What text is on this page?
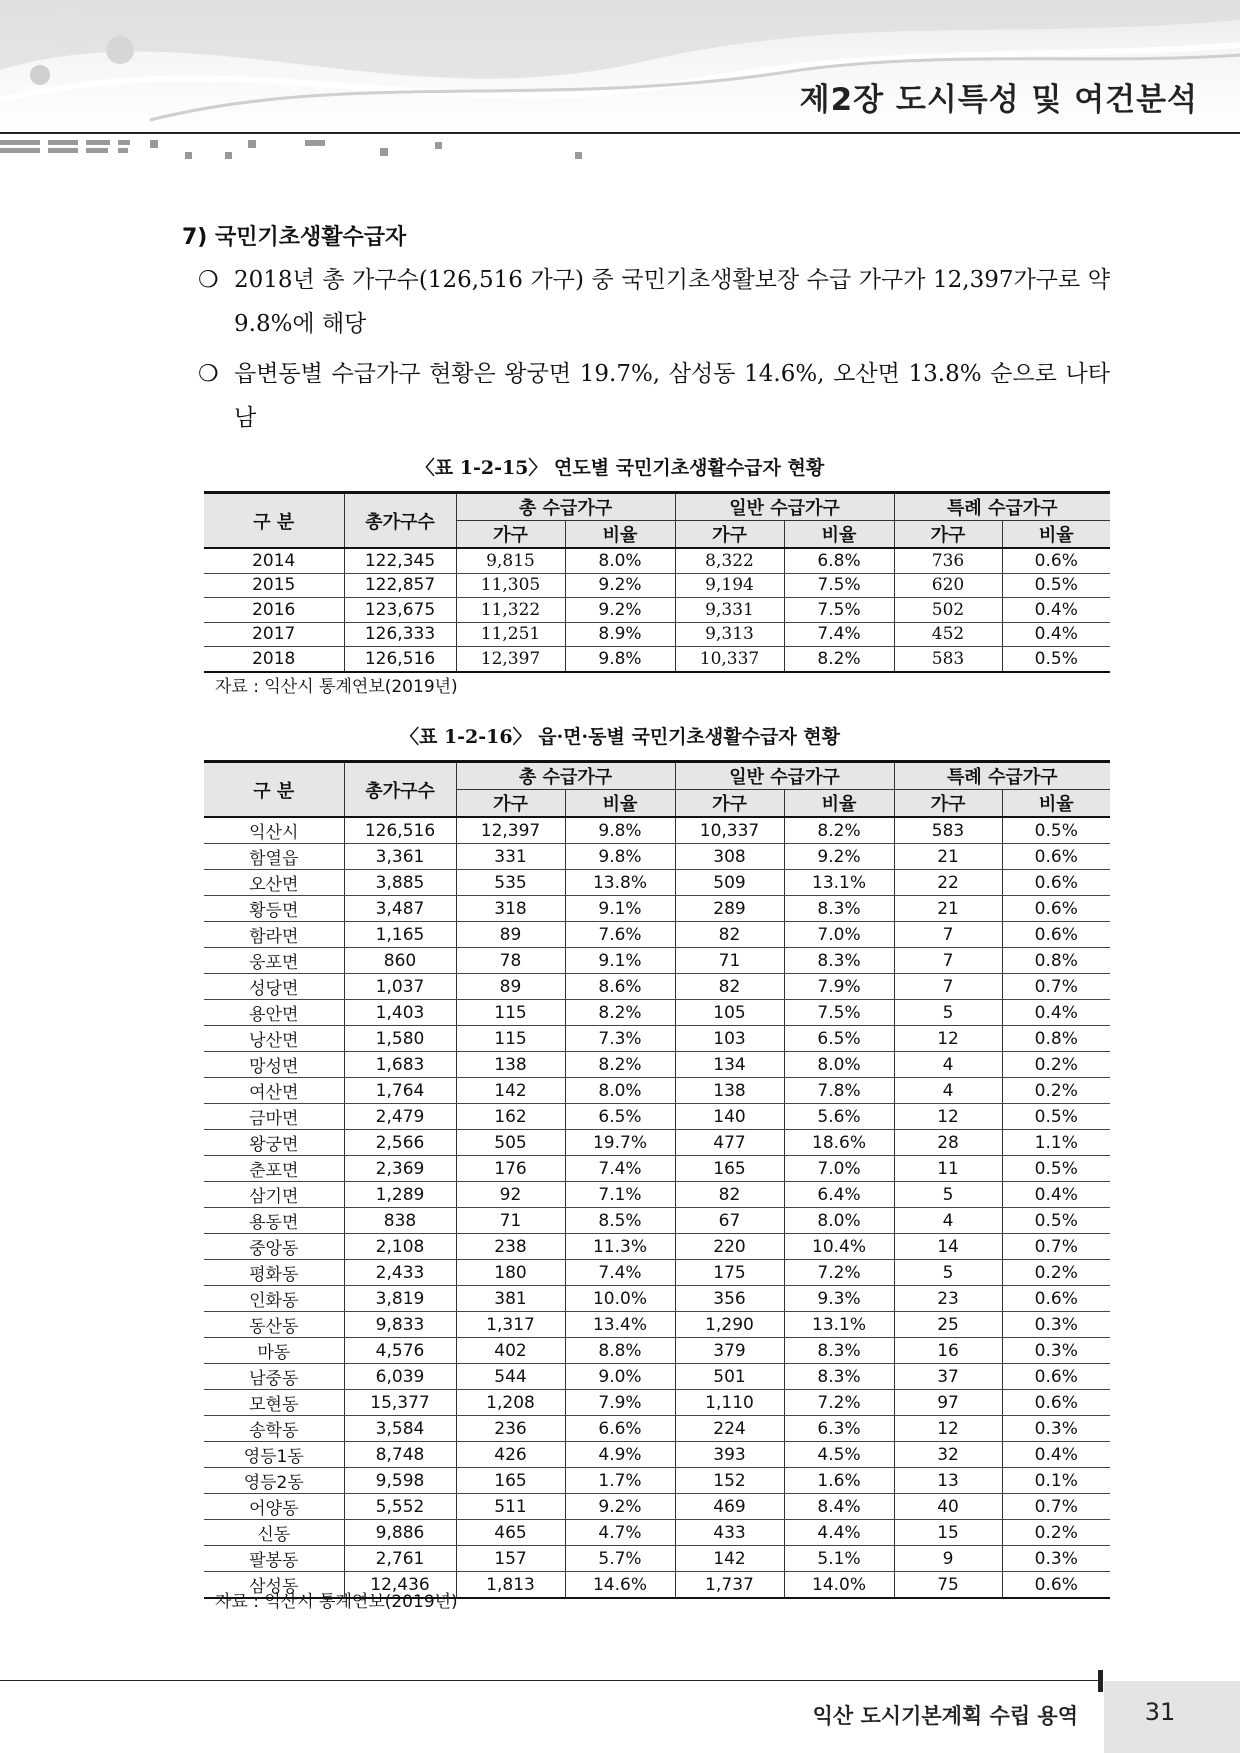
제2장 도시특성 및 여건분석
7) 국민기초생활수급자
❍ 2018년 총 가구수(126,516 가구) 중 국민기초생활보장 수급 가구가 12,397가구로 약 9.8%에 해당
❍ 읍변동별 수급가구 현황은 왕궁면 19.7%, 삼성동 14.6%, 오산면 13.8% 순으로 나타남
〈표 1-2-15〉 연도별 국민기초생활수급자 현황
구 분	총가구수	총 수급가구		일반 수급가구		특례 수급가구	
		가구	비율	가구	비율	가구	비율
2014	122,345	9,815	8.0%	8,322	6.8%	736	0.6%
2015	122,857	11,305	9.2%	9,194	7.5%	620	0.5%
2016	123,675	11,322	9.2%	9,331	7.5%	502	0.4%
2017	126,333	11,251	8.9%	9,313	7.4%	452	0.4%
2018	126,516	12,397	9.8%	10,337	8.2%	583	0.5%
자료 : 익산시 통계연보(2019년)
〈표 1-2-16〉 읍·면·동별 국민기초생활수급자 현황
구 분	총가구수	총 수급가구		일반 수급가구		특례 수급가구	
		가구	비율	가구	비율	가구	비율
익산시	126,516	12,397	9.8%	10,337	8.2%	583	0.5%
함열읍	3,361	331	9.8%	308	9.2%	21	0.6%
오산면	3,885	535	13.8%	509	13.1%	22	0.6%
황등면	3,487	318	9.1%	289	8.3%	21	0.6%
함라면	1,165	89	7.6%	82	7.0%	7	0.6%
웅포면	860	78	9.1%	71	8.3%	7	0.8%
성당면	1,037	89	8.6%	82	7.9%	7	0.7%
용안면	1,403	115	8.2%	105	7.5%	5	0.4%
낭산면	1,580	115	7.3%	103	6.5%	12	0.8%
망성면	1,683	138	8.2%	134	8.0%	4	0.2%
여산면	1,764	142	8.0%	138	7.8%	4	0.2%
금마면	2,479	162	6.5%	140	5.6%	12	0.5%
왕궁면	2,566	505	19.7%	477	18.6%	28	1.1%
춘포면	2,369	176	7.4%	165	7.0%	11	0.5%
삼기면	1,289	92	7.1%	82	6.4%	5	0.4%
용동면	838	71	8.5%	67	8.0%	4	0.5%
중앙동	2,108	238	11.3%	220	10.4%	14	0.7%
평화동	2,433	180	7.4%	175	7.2%	5	0.2%
인화동	3,819	381	10.0%	356	9.3%	23	0.6%
동산동	9,833	1,317	13.4%	1,290	13.1%	25	0.3%
마동	4,576	402	8.8%	379	8.3%	16	0.3%
남중동	6,039	544	9.0%	501	8.3%	37	0.6%
모현동	15,377	1,208	7.9%	1,110	7.2%	97	0.6%
송학동	3,584	236	6.6%	224	6.3%	12	0.3%
영등1동	8,748	426	4.9%	393	4.5%	32	0.4%
영등2동	9,598	165	1.7%	152	1.6%	13	0.1%
어양동	5,552	511	9.2%	469	8.4%	40	0.7%
신동	9,886	465	4.7%	433	4.4%	15	0.2%
팔봉동	2,761	157	5.7%	142	5.1%	9	0.3%
삼성동	12,436	1,813	14.6%	1,737	14.0%	75	0.6%
자료 : 익산시 통계연보(2019년)
익산 도시기본계획 수립 용역	31
